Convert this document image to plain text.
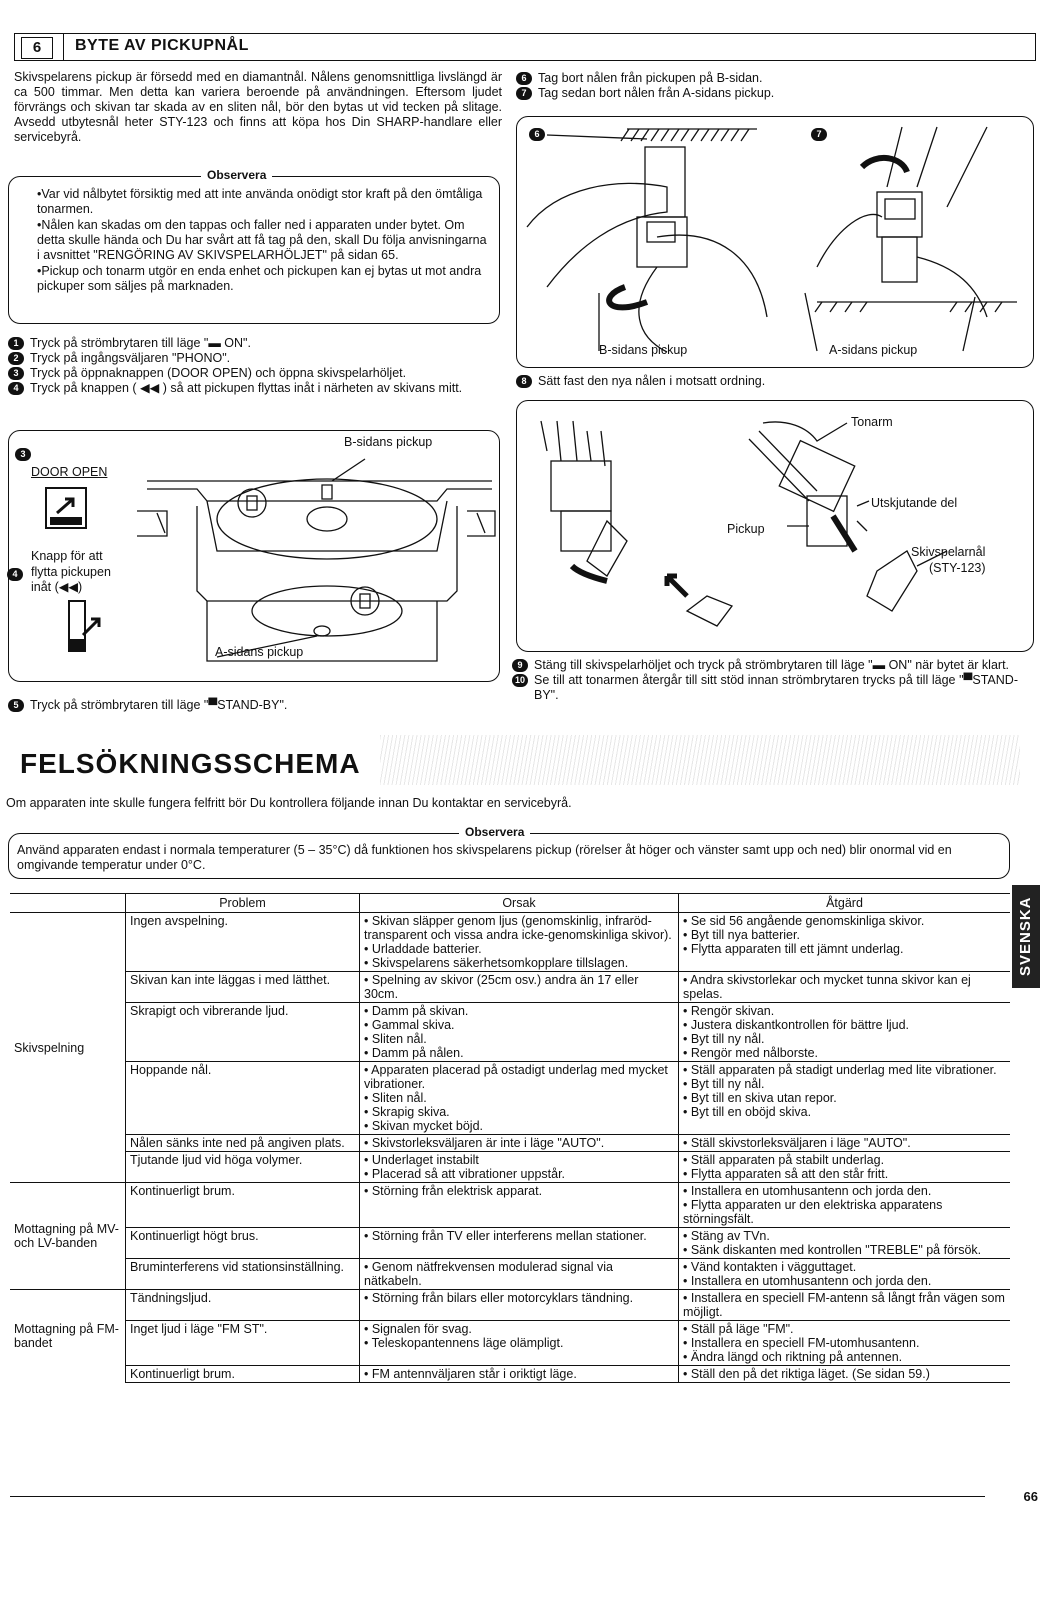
6	BYTE AV PICKUPNÅL

Skivspelarens pickup är försedd med en diamantnål. Nålens genomsnittliga livslängd är ca 500 timmar. Men detta kan variera beroende på användningen. Eftersom ljudet förvrängs och skivan tar skada av en sliten nål, bör den bytas ut vid tecken på slitage. Avsedd utbytesnål heter STY-123 och finns att köpa hos Din SHARP-handlare eller servicebyrå.

Observera

•Var vid nålbytet försiktig med att inte använda onödigt stor kraft på den ömtåliga tonarmen.

•Nålen kan skadas om den tappas och faller ned i apparaten under bytet. Om detta skulle hända och Du har svårt att få tag på den, skall Du följa anvisningarna i avsnittet "RENGÖRING AV SKIVSPELARHÖLJET" på sidan 65.

•Pickup och tonarm utgör en enda enhet och pickupen kan ej bytas ut mot andra pickuper som säljes på marknaden.

1 Tryck på strömbrytaren till läge "▬ ON".
2 Tryck på ingångsväljaren "PHONO".
3 Tryck på öppnaknappen (DOOR OPEN) och öppna skivspelarhöljet.
4 Tryck på knappen ( ◀◀ ) så att pickupen flyttas inåt i närheten av skivans mitt.
3
DOOR OPEN
Knapp för att
4	flytta pickupen
inåt (◀◀)
B-sidans pickup
A-sidans pickup
5 Tryck på strömbrytaren till läge "▀STAND-BY".
6 Tag bort nålen från pickupen på B-sidan.
7 Tag sedan bort nålen från A-sidans pickup.
6	7
B-sidans pickup	A-sidans pickup
8 Sätt fast den nya nålen i motsatt ordning.
Tonarm
Utskjutande del
Pickup
Skivspelarnål
(STY-123)
9 Stäng till skivspelarhöljet och tryck på strömbrytaren till läge "▬ ON" när bytet är klart.
10 Se till att tonarmen återgår till sitt stöd innan strömbrytaren trycks på till läge "▀STAND-BY".
FELSÖKNINGSSCHEMA
Om apparaten inte skulle fungera felfritt bör Du kontrollera följande innan Du kontaktar en servicebyrå.
Observera

Använd apparaten endast i normala temperaturer (5 – 35°C) då funktionen hos skivspelarens pickup (rörelser åt höger och vänster samt upp och ned) blir onormal vid en omgivande temperatur under 0°C.

	Problem	Orsak	Åtgärd
Skivspelning	Ingen avspelning.	• Skivan släpper genom ljus (genomskinlig, infraröd-transparent och vissa andra icke-genomskinliga skivor).
• Urladdade batterier.
• Skivspelarens säkerhetsomkopplare tillslagen.	• Se sid 56 angående genomskinliga skivor.
• Byt till nya batterier.
• Flytta apparaten till ett jämnt underlag.

	Skivan kan inte läggas i med lätthet.	• Spelning av skivor (25cm osv.) andra än 17 eller 30cm.	• Andra skivstorlekar och mycket tunna skivor kan ej spelas.

	Skrapigt och vibrerande ljud.	• Damm på skivan.
• Gammal skiva.
• Sliten nål.
• Damm på nålen.	• Rengör skivan.
• Justera diskantkontrollen för bättre ljud.
• Byt till ny nål.
• Rengör med nålborste.

	Hoppande nål.	• Apparaten placerad på ostadigt underlag med mycket vibrationer.
• Sliten nål.
• Skrapig skiva.
• Skivan mycket böjd.	• Ställ apparaten på stadigt underlag med lite vibrationer.
• Byt till ny nål.
• Byt till en skiva utan repor.
• Byt till en oböjd skiva.

	Nålen sänks inte ned på angiven plats.	• Skivstorleksväljaren är inte i läge "AUTO".	• Ställ skivstorleksväljaren i läge "AUTO".

	Tjutande ljud vid höga volymer.	• Underlaget instabilt
• Placerad så att vibrationer uppstår.	• Ställ apparaten på stabilt underlag.
• Flytta apparaten så att den står fritt.

Mottagning på MV- och LV-banden	Kontinuerligt brum.	• Störning från elektrisk apparat.	• Installera en utomhusantenn och jorda den.
• Flytta apparaten ur den elektriska apparatens störningsfält.

	Kontinuerligt högt brus.	• Störning från TV eller interferens mellan stationer.	• Stäng av TVn.
• Sänk diskanten med kontrollen "TREBLE" på försök.

	Bruminterferens vid stationsinställning.	• Genom nätfrekvensen modulerad signal via nätkabeln.	• Vänd kontakten i vägguttaget.
• Installera en utomhusantenn och jorda den.

Mottagning på FM-bandet	Tändningsljud.	• Störning från bilars eller motorcyklars tändning.	• Installera en speciell FM-antenn så långt från vägen som möjligt.

	Inget ljud i läge "FM ST".	• Signalen för svag.
• Teleskopantennens läge olämpligt.	• Ställ på läge "FM".
• Installera en speciell FM-utomhusantenn.
• Ändra längd och riktning på antennen.

	Kontinuerligt brum.	• FM antennväljaren står i oriktigt läge.	• Ställ den på det riktiga läget. (Se sidan 59.)
SVENSKA
66
